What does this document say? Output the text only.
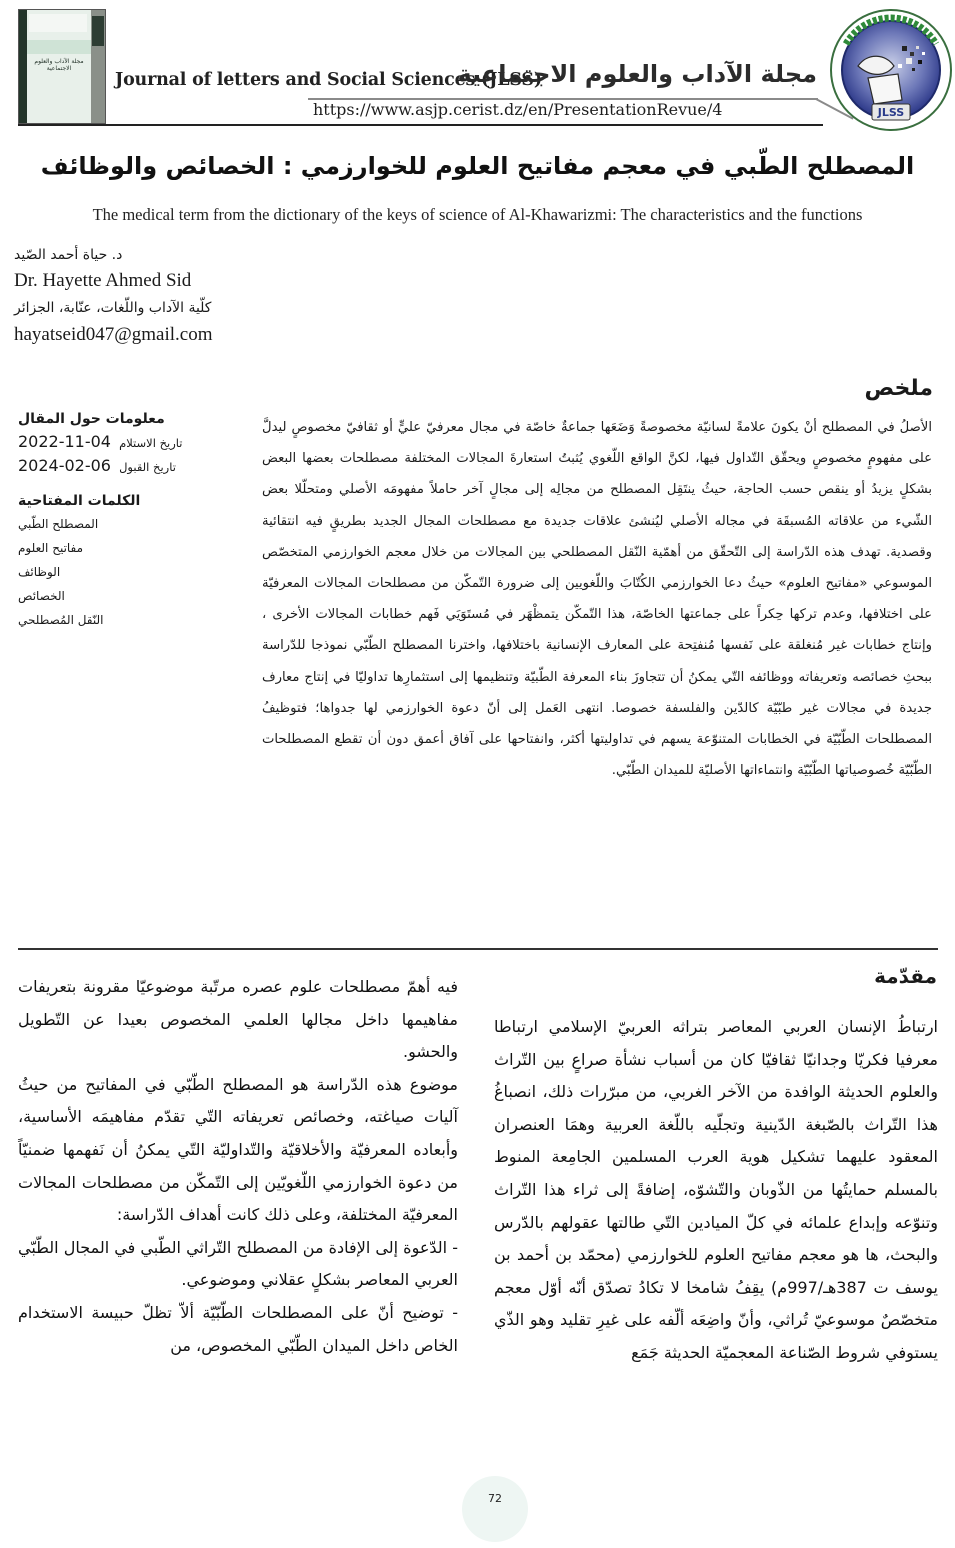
مجلة الآداب والعلوم الاجتماعية
Journal of letters and Social Sciences (JLSS)
مجلة الآداب والعلوم الاجتماعية
https://www.asjp.cerist.dz/en/PresentationRevue/4	JLSS
المصطلح الطّبي في معجم مفاتيح العلوم للخوارزمي : الخصائص والوظائف
The medical term from the dictionary of the keys of science of Al-Khawarizmi: The characteristics and the functions
د. حياة أحمد الصّيد
Dr. Hayette Ahmed Sid
كلّية الآداب واللّغات، عنّابة، الجزائر
hayatseid047@gmail.com
معلومات حول المقال
2022-11-04 تاريخ الاستلام
2024-02-06 تاريخ القبول
الكلمات المفتاحية
المصطلح الطّبي
مفاتيح العلوم
الوظائف
الخصائص
النّقل المُصطلحي
ملخص

الأصلُ في المصطلح أنْ يكونَ علامةً لسانيّة مخصوصةً وَضَعَها جماعةٌ خاصّة في مجال معرفيّ عليٍّ أو ثقافيّ مخصوصٍ ليدلَّ على مفهومٍ مخصوصٍ ويحقّق التّداول فيها، لكنَّ الواقع اللّغوي يُثبتُ استعارةَ المجالات المختلفة مصطلحات بعضها البعض بشكلٍ يزيدُ أو ينقص حسب الحاجة، حيثُ ينتَقِل المصطلح من مجالِه إلى مجالٍ آخر حاملاً مفهومَه الأصلي ومتحلّلا بعض الشّيء من علاقاته المُسبقَة في مجاله الأصلي ليُنشئ علاقات جديدة مع مصطلحات المجال الجديد بطريقٍ فيه انتقائية وقصدية. تهدف هذه الدّراسة إلى التّحقّق من أهمّية النّقل المصطلحي بين المجالات من خلال معجم الخوارزمي المتخصّص الموسوعي «مفاتيح العلوم» حيثُ دعا الخوارزمي الكُتّابَ واللّغويين إلى ضرورة التّمكّن من مصطلحات المجالات المعرفيّة على اختلافها، وعدم تركها حِكراً على جماعتها الخاصّة، هذا التّمكّن يتمظْهَر في مُستَوَيَي فَهم خطابات المجالات الأخرى ، وإنتاج خطابات غير مُنغلقة على نَفسها مُنفتِحة على المعارف الإنسانية باختلافها، واخترنا المصطلح الطّبّي نموذجا للدّراسة ببحثِ خصائصه وتعريفاته ووظائفه التّي يمكنُ أن تتجاوزَ بناء المعرفة الطّبيّة وتنظيمها إلى استثمارِها تداوليّا في إنتاج معارف جديدة في مجالات غير طبّيّة كالدّين والفلسفة خصوصا. انتهى العَمل إلى أنّ دعوة الخوارزمي لها جدواها؛ فتوظيفُ المصطلحات الطّبّيّة في الخطابات المتنوّعة يسهم في تداوليتها أكثر، وانفتاحها على آفاق أعمق دون أن تقطع المصطلحات الطّبّيّة خُصوصياتها الطّبّيّة وانتماءاتها الأصليّة للميدان الطّبّي.

مقدّمة

ارتباطُ الإنسان العربي المعاصر بتراثه العربيّ الإسلامي ارتباطا معرفيا فكريّا وجدانيّا ثقافيّا كان من أسباب نشأة صراعٍ بين التّراث والعلوم الحديثة الوافدة من الآخر الغربي، من مبرّرات ذلك، انصباغُ هذا التّراث بالصّبغة الدّينية وتجلّيه باللّغة العربية وهمَا العنصران المعقود عليهما تشكيل هوية العرب المسلمين الجامِعة المنوط بالمسلم حمايتُها من الذّوبان والتّشوّه، إضافةً إلى ثراء هذا التّراث وتنوّعه وإبداع علمائه في كلّ الميادين التّي طالتها عقولهم بالدّرس والبحث، ها هو معجم مفاتيح العلوم للخوارزمي (محمّد بن أحمد بن يوسف ت 387هـ/997م) يقِفُ شامخا لا تكادُ تصدّق أنّه أوّل معجم متخصّصٌ موسوعيّ تُراثي، وأنّ واضِعَه ألّفه على غيرِ تقليد وهو الذّي يستوفي شروط الصّناعة المعجميّة الحديثة جَمَع

فيه أهمّ مصطلحات علوم عصره مرتّبة موضوعيّا مقرونة بتعريفات مفاهيمها داخل مجالها العلمي المخصوص بعيدا عن التّطويل والحشو.

موضوع هذه الدّراسة هو المصطلح الطّبّي في المفاتيح من حيثُ آليات صياغته، وخصائص تعريفاته التّي تقدّم مفاهيمَه الأساسية، وأبعاده المعرفيّة والأخلاقيّة والتّداوليّة التّي يمكنُ أن نَفهمها ضمنيّاً من دعوة الخوارزمي اللّغويّين إلى التّمكّن من مصطلحات المجالات المعرفيّة المختلفة، وعلى ذلك كانت أهداف الدّراسة:

- الدّعوة إلى الإفادة من المصطلح التّراثي الطّبي في المجال الطّبّي العربي المعاصر بشكلٍ عقلاني وموضوعي.

- توضيح أنّ على المصطلحات الطّبّيّة ألاّ تظلّ حبيسة الاستخدام الخاص داخل الميدان الطّبّي المخصوص، من

72
